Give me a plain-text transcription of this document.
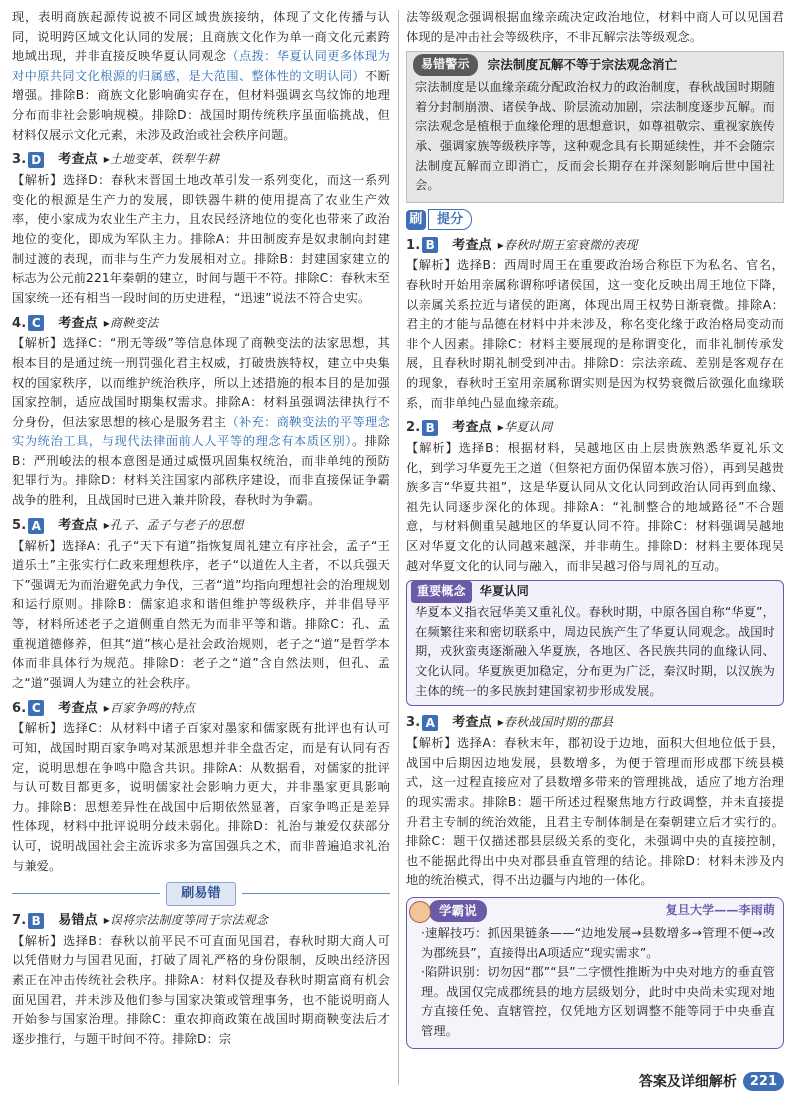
现，表明商族起源传说被不同区域贵族接纳，体现了文化传播与认同，说明跨区域文化认同的发展；且商族文化作为单一商文化元素跨地域出现，并非直接反映华夏认同观念（点拨：华夏认同更多体现为对中原共同文化根源的归属感，是大范围、整体性的文明认同）不断增强。排除B：商族文化影响确实存在，但材料强调玄鸟纹饰的地理分布而非社会影响规模。排除D：战国时期传统秩序虽面临挑战，但材料仅展示文化元素，未涉及政治或社会秩序问题。

3. D 考查点 ▸土地变革、铁犁牛耕

【解析】选择D：春秋末晋国土地改革引发一系列变化，而这一系列变化的根源是生产力的发展，即铁器牛耕的使用提高了农业生产效率，使小家成为农业生产主力，且农民经济地位的变化也带来了政治地位的变化，即成为军队主力。排除A：井田制废弃是奴隶制向封建制过渡的表现，而非与生产力发展相对立。排除B：封建国家建立的标志为公元前221年秦朝的建立，时间与题干不符。排除C：春秋末至国家统一还有相当一段时间的历史进程，“迅速”说法不符合史实。

4. C 考查点 ▸商鞅变法

【解析】选择C：“刑无等级”等信息体现了商鞅变法的法家思想，其根本目的是通过统一刑罚强化君主权威，打破贵族特权，建立中央集权的国家秩序，以而维护统治秩序，所以上述措施的根本目的是加强国家控制，适应战国时期集权需求。排除A：材料虽强调法律执行不分身份，但法家思想的核心是服务君主（补充：商鞅变法的平等理念实为统治工具，与现代法律面前人人平等的理念有本质区别）。排除B：严刑峻法的根本意图是通过威慑巩固集权统治，而非单纯的预防犯罪行为。排除D：材料关注国家内部秩序建设，而非直接保证争霸战争的胜利，且战国时已进入兼并阶段，春秋时为争霸。

5. A 考查点 ▸孔子、孟子与老子的思想

【解析】选择A：孔子“天下有道”指恢复周礼建立有序社会，孟子“王道乐土”主张实行仁政来理想秩序，老子“以道佐人主者，不以兵强天下”强调无为而治避免武力争伐，三者“道”均指向理想社会的治理规划和运行原则。排除B：儒家追求和谐但维护等级秩序，并非倡导平等，材料所述老子之道侧重自然无为而非平等和谐。排除C：孔、孟重视道德修养，但其“道”核心是社会政治规则，老子之“道”是哲学本体而非具体行为规范。排除D：老子之“道”含自然法则，但孔、孟之“道”强调人为建立的社会秩序。

6. C 考查点 ▸百家争鸣的特点

【解析】选择C：从材料中诸子百家对墨家和儒家既有批评也有认可可知，战国时期百家争鸣对某派思想并非全盘否定，而是有认同有否定，说明思想在争鸣中隐含共识。排除A：从数据看，对儒家的批评与认可数目都更多，说明儒家社会影响力更大，并非墨家更具影响力。排除B：思想差异性在战国中后期依然显著，百家争鸣正是差异性体现，材料中批评说明分歧未弱化。排除D：礼治与兼爱仅获部分认可，说明战国社会主流诉求多为富国强兵之术，而非普遍追求礼治与兼爱。

刷易错
7. B 易错点 ▸误将宗法制度等同于宗法观念

【解析】选择B：春秋以前平民不可直面见国君，春秋时期大商人可以凭借财力与国君见面，打破了周礼严格的身份限制，反映出经济因素正在冲击传统社会秩序。排除A：材料仅提及春秋时期富商有机会面见国君，并未涉及他们参与国家决策或管理事务，也不能说明商人开始参与国家治理。排除C：重农抑商政策在战国时期商鞅变法后才逐步推行，与题干时间不符。排除D：宗

法等级观念强调根据血缘亲疏决定政治地位，材料中商人可以见国君体现的是冲击社会等级秩序，不非瓦解宗法等级观念。

易错警示	宗法制度瓦解不等于宗法观念消亡

宗法制度是以血缘亲疏分配政治权力的政治制度，春秋战国时期随着分封制崩溃、诸侯争战、阶层流动加剧，宗法制度逐步瓦解。而宗法观念是植根于血缘伦理的思想意识，如尊祖敬宗、重视家族传承、强调家族等级秩序等，这种观念具有长期延续性，并不会随宗法制度瓦解而立即消亡，反而会长期存在并深刻影响后世中国社会。

刷	提分
1. B 考查点 ▸春秋时期王室衰微的表现

【解析】选择B：西周时周王在重要政治场合称臣下为私名、官名，春秋时开始用亲属称谓称呼诸侯国，这一变化反映出周王地位下降，以亲属关系拉近与诸侯的距离，体现出周王权势日渐衰微。排除A：君主的才能与品德在材料中并未涉及，称名变化缘于政治格局变动而非个人因素。排除C：材料主要展现的是称谓变化，而非礼制传承发展，且春秋时期礼制受到冲击。排除D：宗法亲疏、差别是客观存在的现象，春秋时王室用亲属称谓实则是因为权势衰微后欲强化血缘联系，而非单纯凸显血缘亲疏。

2. B 考查点 ▸华夏认同

【解析】选择B：根据材料，吴越地区由上层贵族熟悉华夏礼乐文化，到学习华夏先王之道（但祭祀方面仍保留本族习俗），再到吴越贵族多言“华夏共祖”，这是华夏认同从文化认同到政治认同再到血缘、祖先认同逐步深化的体现。排除A：“礼制整合的地域路径”不合题意，与材料侧重吴越地区的华夏认同不符。排除C：材料强调吴越地区对华夏文化的认同越来越深，并非萌生。排除D：材料主要体现吴越对华夏文化的认同与融入，而非吴越习俗与周礼的互动。

重要概念	华夏认同

华夏本义指衣冠华美又重礼仪。春秋时期，中原各国自称“华夏”，在频繁往来和密切联系中，周边民族产生了华夏认同观念。战国时期，戎狄蛮夷逐渐融入华夏族，各地区、各民族共同的血缘认同、文化认同。华夏族更加稳定，分布更为广泛，秦汉时期，以汉族为主体的统一的多民族封建国家初步形成发展。

3. A 考查点 ▸春秋战国时期的郡县

【解析】选择A：春秋末年，郡初设于边地，面积大但地位低于县，战国中后期因边地发展，县数增多，为便于管理而形成郡下统县模式，这一过程直接应对了县数增多带来的管理挑战，适应了地方治理的现实需求。排除B：题干所述过程聚焦地方行政调整，并未直接提升君主专制的统治效能，且君主专制体制是在秦朝建立后才实行的。排除C：题干仅描述郡县层级关系的变化，未强调中央的直接控制，也不能据此得出中央对郡县垂直管理的结论。排除D：材料未涉及内地的统治模式，得不出边疆与内地的一体化。

学霸说	复旦大学——李雨萌

·速解技巧：抓因果链条——“边地发展→县数增多→管理不便→改为郡统县”，直接得出A项适应“现实需求”。

·陷阱识别：切勿因“郡”“县”二字惯性推断为中央对地方的垂直管理。战国仅完成郡统县的地方层级划分，此时中央尚未实现对地方直接任免、直辖管控，仅凭地方区划调整不能等同于中央垂直管理。

答案及详细解析	221
